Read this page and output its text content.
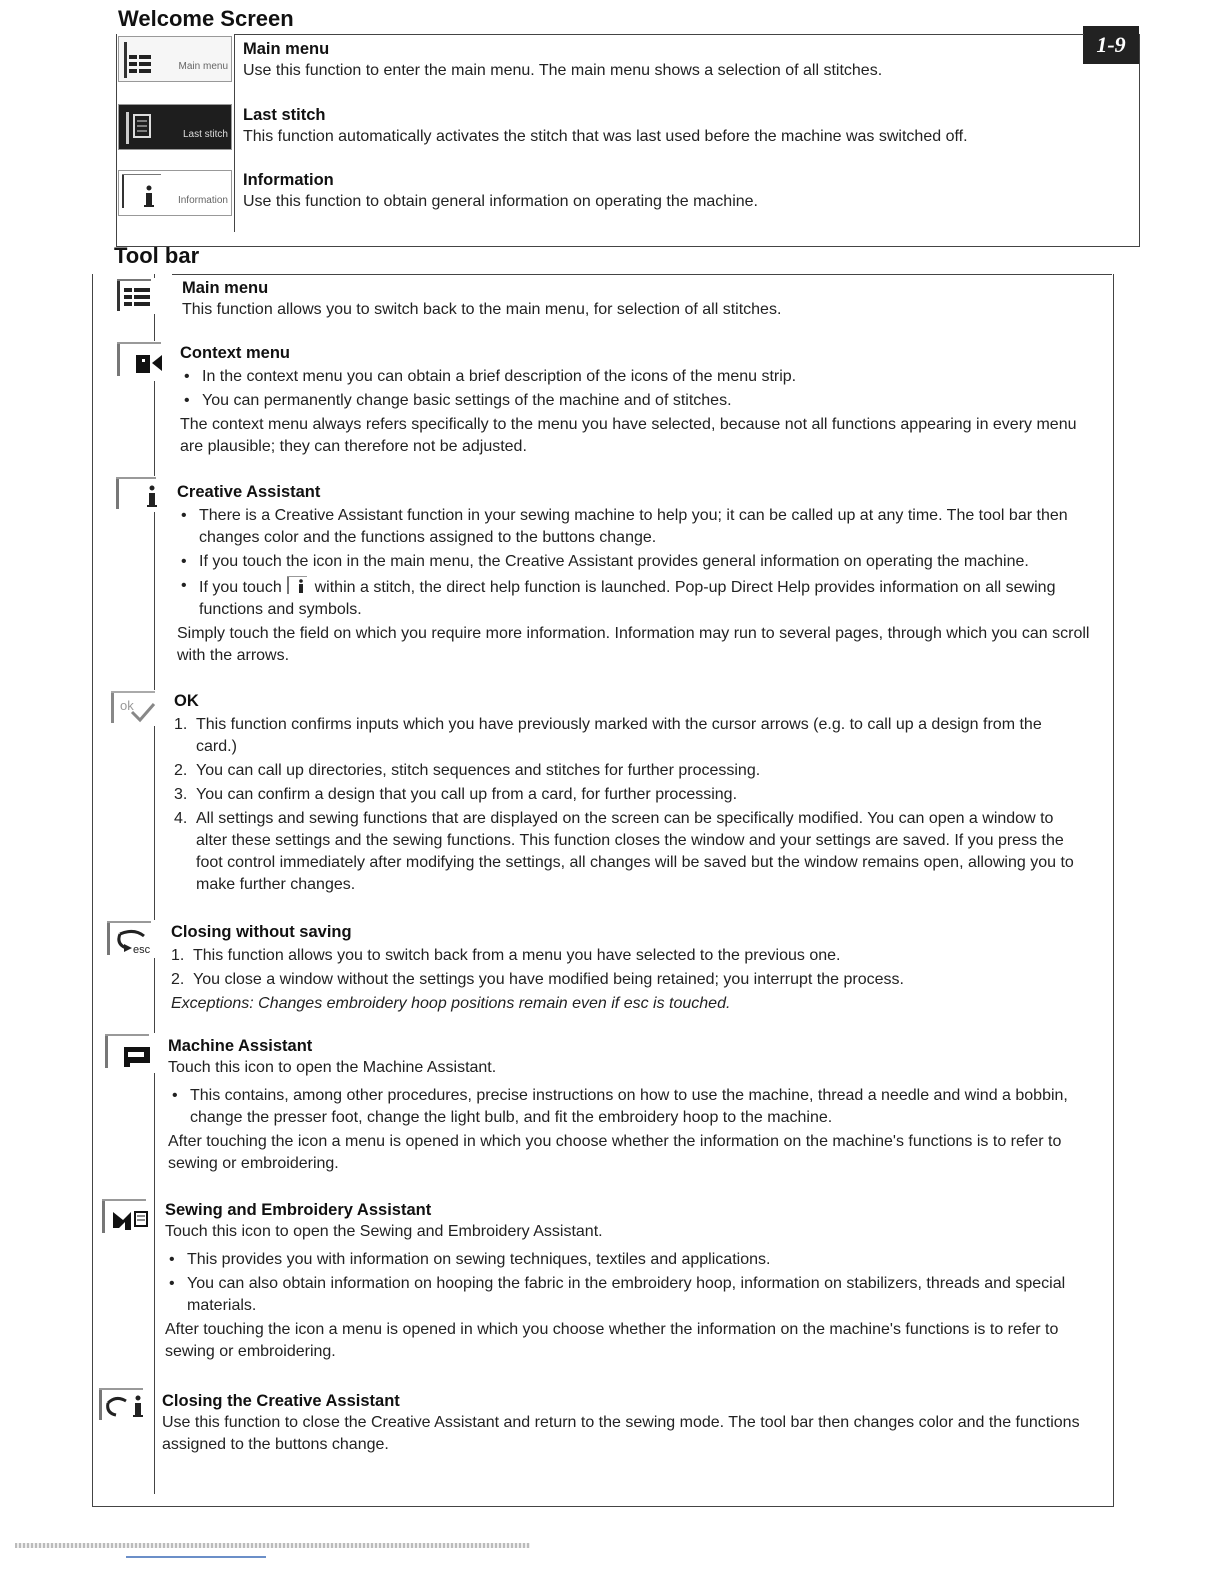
Welcome Screen
1-9
Main menu
Last stitch
Information
Main menu

Use this function to enter the main menu. The main menu shows a selection of all stitches.

Last stitch

This function automatically activates the stitch that was last used before the machine was switched off.

Information

Use this function to obtain general information on operating the machine.

Tool bar
ok
esc
Main menu

This function allows you to switch back to the main menu, for selection of all stitches.

Context menu
• In the context menu you can obtain a brief description of the icons of the menu strip.
• You can permanently change basic settings of the machine and of stitches.

The context menu always refers specifically to the menu you have selected, because not all functions appearing in every menu are plausible; they can therefore not be adjusted.

Creative Assistant
• There is a Creative Assistant function in your sewing machine to help you; it can be called up at any time. The tool bar then changes color and the functions assigned to the buttons change.
• If you touch the icon in the main menu, the Creative Assistant provides general information on operating the machine.
• If you touch within a stitch, the direct help function is launched. Pop-up Direct Help provides information on all sewing functions and symbols.

Simply touch the field on which you require more information. Information may run to several pages, through which you can scroll with the arrows.

OK
This function confirms inputs which you have previously marked with the cursor arrows (e.g. to call up a design from the card.)
You can call up directories, stitch sequences and stitches for further processing.
You can confirm a design that you call up from a card, for further processing.
All settings and sewing functions that are displayed on the screen can be specifically modified. You can open a window to alter these settings and the sewing functions. This function closes the window and your settings are saved. If you press the foot control immediately after modifying the settings, all changes will be saved but the window remains open, allowing you to make further changes.
Closing without saving
This function allows you to switch back from a menu you have selected to the previous one.
You close a window without the settings you have modified being retained; you interrupt the process.

Exceptions: Changes embroidery hoop positions remain even if esc is touched.

Machine Assistant

Touch this icon to open the Machine Assistant.

• This contains, among other procedures, precise instructions on how to use the machine, thread a needle and wind a bobbin, change the presser foot, change the light bulb, and fit the embroidery hoop to the machine.

After touching the icon a menu is opened in which you choose whether the information on the machine's functions is to refer to sewing or embroidering.

Sewing and Embroidery Assistant

Touch this icon to open the Sewing and Embroidery Assistant.

• This provides you with information on sewing techniques, textiles and applications.
• You can also obtain information on hooping the fabric in the embroidery hoop, information on stabilizers, threads and special materials.

After touching the icon a menu is opened in which you choose whether the information on the machine's functions is to refer to sewing or embroidering.

Closing the Creative Assistant

Use this function to close the Creative Assistant and return to the sewing mode. The tool bar then changes color and the functions assigned to the buttons change.
